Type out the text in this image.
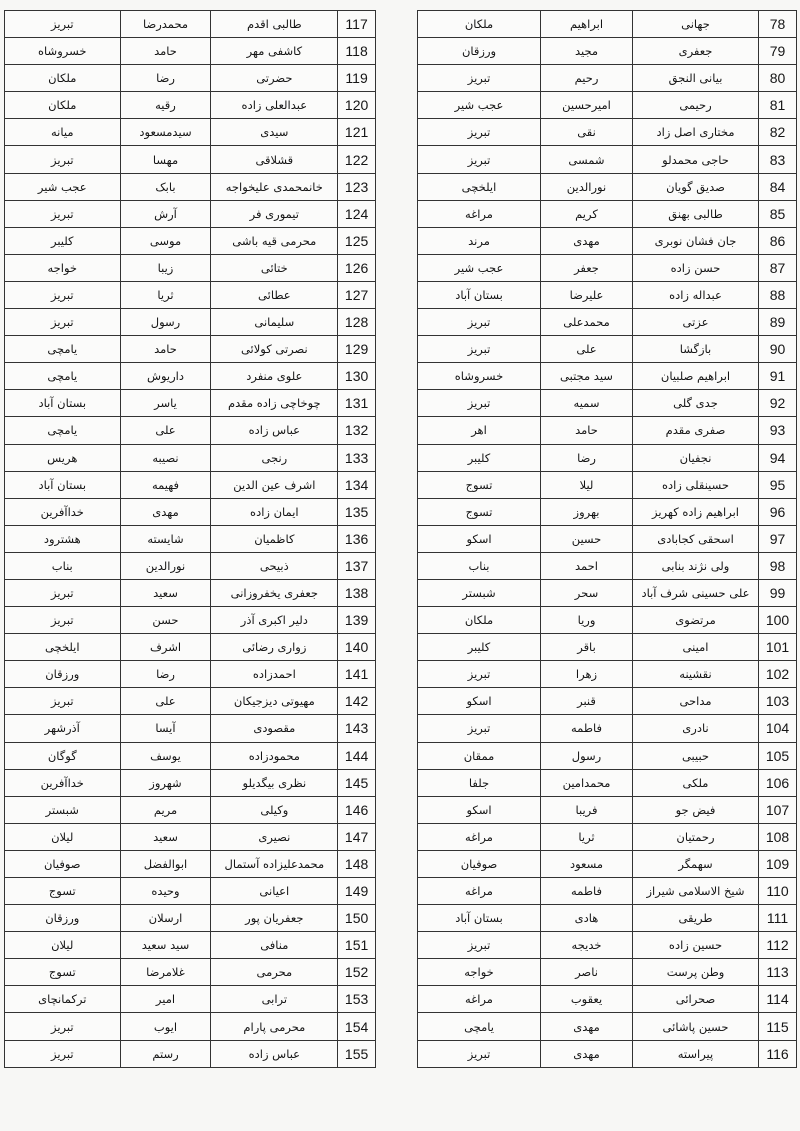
117	طالبی اقدم	محمدرضا	تبریز
118	کاشفی مهر	حامد	خسروشاه
119	حضرتی	رضا	ملکان
120	عبدالعلی زاده	رقیه	ملکان
121	سیدی	سیدمسعود	میانه
122	قشلاقی	مهسا	تبریز
123	خانمحمدی علیخواجه	بابک	عجب شیر
124	تیموری فر	آرش	تبریز
125	محرمی قیه باشی	موسی	کلیبر
126	ختائی	زیبا	خواجه
127	عطائی	ثریا	تبریز
128	سلیمانی	رسول	تبریز
129	نصرتی کولائی	حامد	یامچی
130	علوی منفرد	داریوش	یامچی
131	چوخاچی زاده مقدم	یاسر	بستان آباد
132	عباس زاده	علی	یامچی
133	رنجی	نصیبه	هریس
134	اشرف عین الدین	فهیمه	بستان آباد
135	ایمان زاده	مهدی	خداآفرین
136	کاظمیان	شایسته	هشترود
137	ذبیحی	نورالدین	بناب
138	جعفری یخفروزانی	سعید	تبریز
139	دلیر اکبری آذر	حسن	تبریز
140	زواری رضائی	اشرف	ایلخچی
141	احمدزاده	رضا	ورزقان
142	مهیوتی دیزجیکان	علی	تبریز
143	مقصودی	آیسا	آذرشهر
144	محمودزاده	یوسف	گوگان
145	نظری بیگدیلو	شهروز	خداآفرین
146	وکیلی	مریم	شبستر
147	نصیری	سعید	لیلان
148	محمدعلیزاده آستمال	ابوالفضل	صوفیان
149	اعیانی	وحیده	تسوج
150	جعفریان پور	ارسلان	ورزقان
151	منافی	سید سعید	لیلان
152	محرمی	غلامرضا	تسوج
153	ترابی	امیر	ترکمانچای
154	محرمی پارام	ایوب	تبریز
155	عباس زاده	رستم	تبریز
78	جهانی	ابراهیم	ملکان
79	جعفری	مجید	ورزقان
80	بیانی النجق	رحیم	تبریز
81	رحیمی	امیرحسین	عجب شیر
82	مختاری اصل زاد	نقی	تبریز
83	حاجی محمدلو	شمسی	تبریز
84	صدیق گویان	نورالدین	ایلخچی
85	طالبی بهنق	کریم	مراغه
86	جان فشان نوبری	مهدی	مرند
87	حسن زاده	جعفر	عجب شیر
88	عبداله زاده	علیرضا	بستان آباد
89	عزتی	محمدعلی	تبریز
90	بازگشا	علی	تبریز
91	ابراهیم صلبیان	سید مجتبی	خسروشاه
92	جدی گلی	سمیه	تبریز
93	صفری مقدم	حامد	اهر
94	نجفیان	رضا	کلیبر
95	حسینقلی زاده	لیلا	تسوج
96	ابراهیم زاده کهریز	بهروز	تسوج
97	اسحقی کجابادی	حسین	اسکو
98	ولی نژند بنابی	احمد	بناب
99	علی حسینی شرف آباد	سحر	شبستر
100	مرتضوی	وریا	ملکان
101	امینی	باقر	کلیبر
102	نقشینه	زهرا	تبریز
103	مداحی	قنبر	اسکو
104	نادری	فاطمه	تبریز
105	حبیبی	رسول	ممقان
106	ملکی	محمدامین	جلفا
107	فیض جو	فریبا	اسکو
108	رحمتیان	ثریا	مراغه
109	سهمگر	مسعود	صوفیان
110	شیخ الاسلامی شیراز	فاطمه	مراغه
111	طریقی	هادی	بستان آباد
112	حسین زاده	خدیجه	تبریز
113	وطن پرست	ناصر	خواجه
114	صحرائی	یعقوب	مراغه
115	حسین پاشائی	مهدی	یامچی
116	پیراسته	مهدی	تبریز
